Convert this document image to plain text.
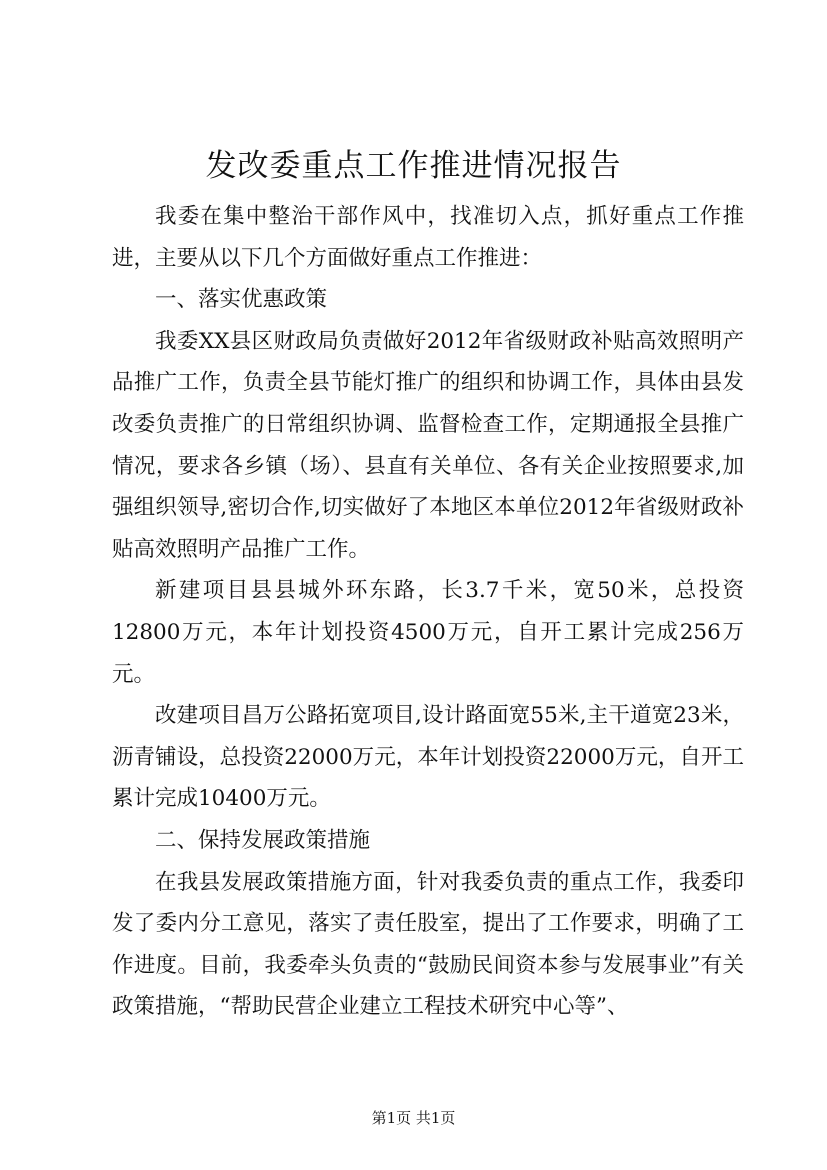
发改委重点工作推进情况报告

我委在集中整治干部作风中，找准切入点，抓好重点工作推进，主要从以下几个方面做好重点工作推进：

一、落实优惠政策

我委XX县区财政局负责做好2012年省级财政补贴高效照明产品推广工作，负责全县节能灯推广的组织和协调工作，具体由县发改委负责推广的日常组织协调、监督检查工作，定期通报全县推广情况，要求各乡镇（场）、县直有关单位、各有关企业按照要求,加强组织领导,密切合作,切实做好了本地区本单位2012年省级财政补贴高效照明产品推广工作。

新建项目县县城外环东路，长3.7千米，宽50米，总投资12800万元，本年计划投资4500万元，自开工累计完成256万元。

改建项目昌万公路拓宽项目,设计路面宽55米,主干道宽23米，沥青铺设，总投资22000万元，本年计划投资22000万元，自开工累计完成10400万元。

二、保持发展政策措施

在我县发展政策措施方面，针对我委负责的重点工作，我委印发了委内分工意见，落实了责任股室，提出了工作要求，明确了工作进度。目前，我委牵头负责的“鼓励民间资本参与发展事业”有关政策措施，“帮助民营企业建立工程技术研究中心等”、

第1页 共1页
